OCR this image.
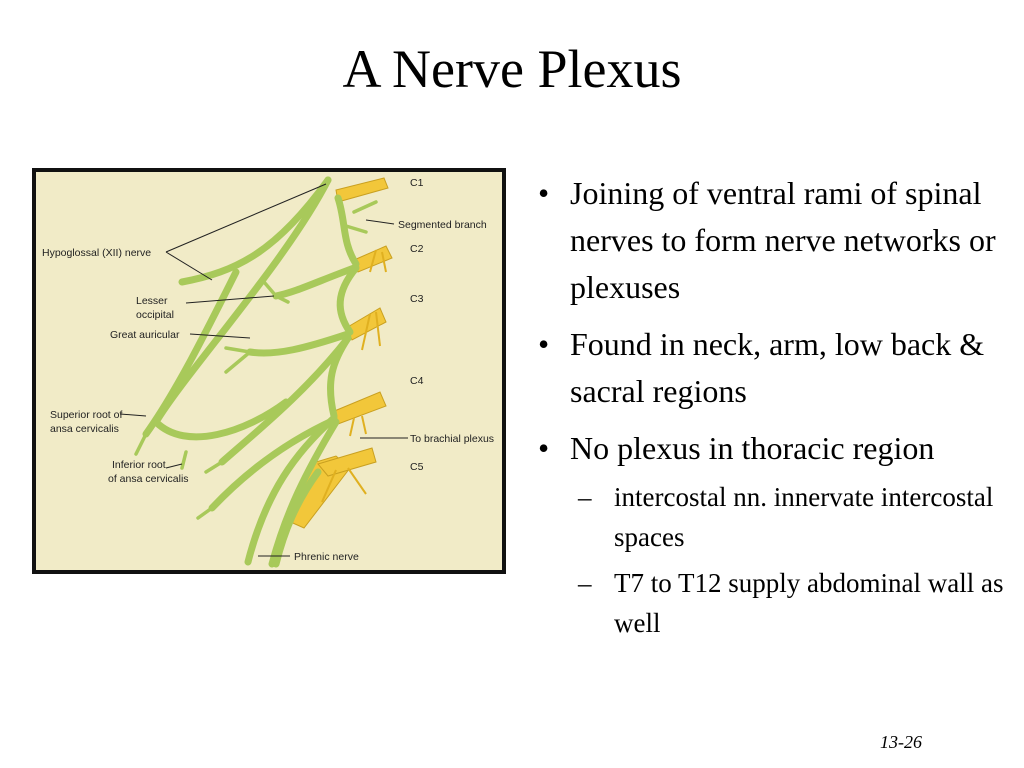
A Nerve Plexus
C1
Segmented branch
C2
Hypoglossal (XII) nerve
C3
Lesser
occipital
Great auricular
C4
Superior root of
ansa cervicalis
To brachial plexus
C5
Inferior root
of ansa cervicalis
Phrenic nerve
• Joining of ventral rami of spinal nerves to form nerve networks or plexuses
• Found in neck, arm, low back & sacral regions
• No plexus in thoracic region
– intercostal nn. innervate intercostal spaces
– T7 to T12 supply abdominal wall as well
13-26
